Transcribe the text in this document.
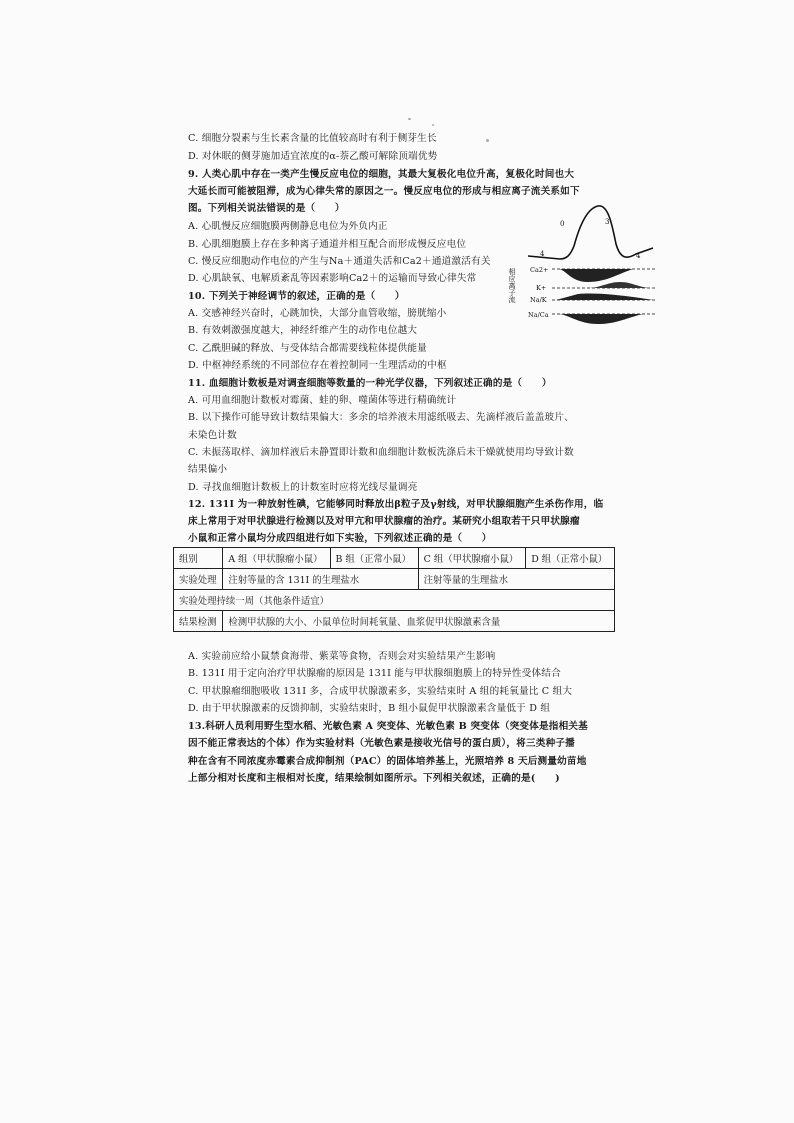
C. 细胞分裂素与生长素含量的比值较高时有利于侧芽生长
D. 对休眠的侧芽施加适宜浓度的α-萘乙酸可解除顶端优势
9. 人类心肌中存在一类产生慢反应电位的细胞，其最大复极化电位升高，复极化时间也大
大延长而可能被阻滞，成为心律失常的原因之一。慢反应电位的形成与相应离子流关系如下
图。下列相关说法错误的是（　　）
A. 心肌慢反应细胞膜两侧静息电位为外负内正
B. 心肌细胞膜上存在多种离子通道并相互配合而形成慢反应电位
C. 慢反应细胞动作电位的产生与Na＋通道失活和Ca2＋通道激活有关
D. 心肌缺氧、电解质紊乱等因素影响Ca2＋的运输而导致心律失常
10. 下列关于神经调节的叙述，正确的是（　　）
A. 交感神经兴奋时，心跳加快，大部分血管收缩，膀胱缩小
B. 有效刺激强度越大，神经纤维产生的动作电位越大
C. 乙酰胆碱的释放、与受体结合都需要线粒体提供能量
D. 中枢神经系统的不同部位存在着控制同一生理活动的中枢
11. 血细胞计数板是对调查细胞等数量的一种光学仪器，下列叙述正确的是（　　）
A. 可用血细胞计数板对霉菌、蛙的卵、噬菌体等进行精确统计
B. 以下操作可能导致计数结果偏大：多余的培养液未用滤纸吸去、先滴样液后盖盖玻片、
未染色计数
C. 未振荡取样、滴加样液后未静置即计数和血细胞计数板洗涤后未干燥就使用均导致计数
结果偏小
D. 寻找血细胞计数板上的计数室时应将光线尽量调亮
12. 131I 为一种放射性碘，它能够同时释放出β粒子及γ射线，对甲状腺细胞产生杀伤作用，临
床上常用于对甲状腺进行检测以及对甲亢和甲状腺瘤的治疗。某研究小组取若干只甲状腺瘤
小鼠和正常小鼠均分成四组进行如下实验，下列叙述正确的是（　　）
组别	A 组（甲状腺瘤小鼠）	B 组（正常小鼠）	C 组（甲状腺瘤小鼠）	D 组（正常小鼠）
实验处理	注射等量的含 131I 的生理盐水		注射等量的生理盐水	
实验处理持续一周（其他条件适宜）				
结果检测	检测甲状腺的大小、小鼠单位时间耗氧量、血浆促甲状腺激素含量			
A. 实验前应给小鼠禁食海带、紫菜等食物，否则会对实验结果产生影响
B. 131I 用于定向治疗甲状腺瘤的原因是 131I 能与甲状腺细胞膜上的特异性受体结合
C. 甲状腺瘤细胞吸收 131I 多，合成甲状腺激素多，实验结束时 A 组的耗氧量比 C 组大
D. 由于甲状腺激素的反馈抑制，实验结束时，B 组小鼠促甲状腺激素含量低于 D 组
13.科研人员利用野生型水稻、光敏色素 A 突变体、光敏色素 B 突变体（突变体是指相关基
因不能正常表达的个体）作为实验材料（光敏色素是接收光信号的蛋白质），将三类种子播
种在含有不同浓度赤霉素合成抑制剂（PAC）的固体培养基上，光照培养 8 天后测量幼苗地
上部分相对长度和主根相对长度，结果绘制如图所示。下列相关叙述，正确的是(　　)
0	3
4	4
相应离子流 Ca2+
K+
Na/K
Na/Ca
